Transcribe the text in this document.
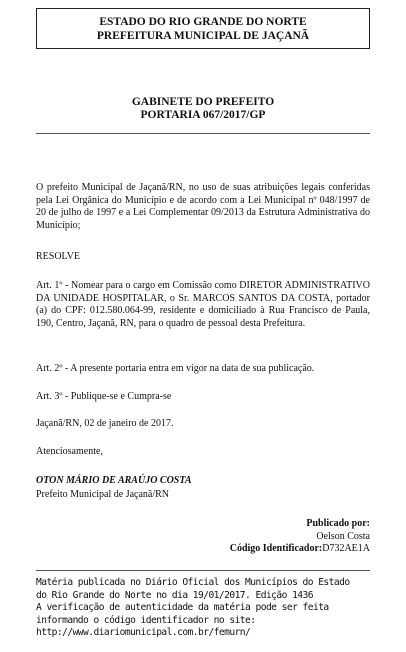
ESTADO DO RIO GRANDE DO NORTE
PREFEITURA MUNICIPAL DE JAÇANÃ
GABINETE DO PREFEITO
PORTARIA 067/2017/GP
O prefeito Municipal de Jaçanã/RN, no uso de suas atribuições legais conferidas pela Lei Orgânica do Município e de acordo com a Lei Municipal nº 048/1997 de 20 de julho de 1997 e a Lei Complementar 09/2013 da Estrutura Administrativa do Município;
RESOLVE
Art. 1º - Nomear para o cargo em Comissão como DIRETOR ADMINISTRATIVO DA UNIDADE HOSPITALAR, o Sr. MARCOS SANTOS DA COSTA, portador (a) do CPF: 012.580.064-99, residente e domiciliado à Rua Francisco de Paula, 190, Centro, Jaçanã, RN, para o quadro de pessoal desta Prefeitura.
Art. 2º - A presente portaria entra em vigor na data de sua publicação.
Art. 3º - Publique-se e Cumpra-se
Jaçanã/RN, 02 de janeiro de 2017.
Atenciosamente,
OTON MÁRIO DE ARAÚJO COSTA
Prefeito Municipal de Jaçanã/RN
Publicado por:
Oelson Costa
Código Identificador:D732AE1A
Matéria publicada no Diário Oficial dos Municípios do Estado
do Rio Grande do Norte no dia 19/01/2017. Edição 1436
A verificação de autenticidade da matéria pode ser feita
informando o código identificador no site:
http://www.diariomunicipal.com.br/femurn/
